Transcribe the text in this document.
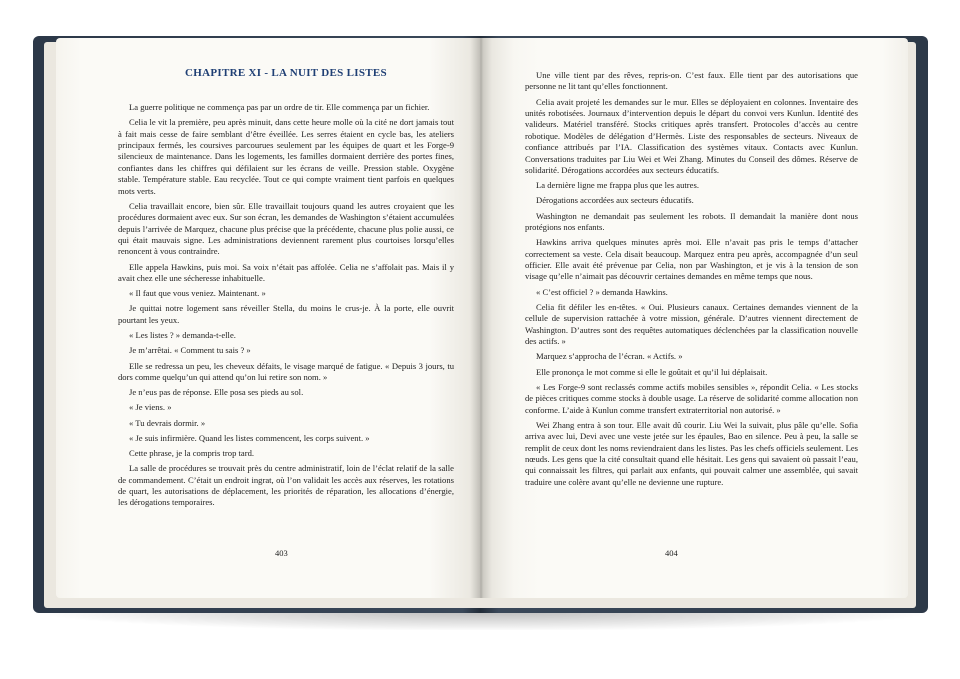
CHAPITRE XI - LA NUIT DES LISTES

La guerre politique ne commença pas par un ordre de tir. Elle commença par un fichier.

Celia le vit la première, peu après minuit, dans cette heure molle où la cité ne dort jamais tout à fait mais cesse de faire semblant d’être éveillée. Les serres étaient en cycle bas, les ateliers principaux fermés, les coursives parcourues seulement par les équipes de quart et les Forge-9 silencieux de maintenance. Dans les logements, les familles dormaient derrière des portes fines, confiantes dans les chiffres qui défilaient sur les écrans de veille. Pression stable. Oxygène stable. Température stable. Eau recyclée. Tout ce qui compte vraiment tient parfois en quelques mots verts.

Celia travaillait encore, bien sûr. Elle travaillait toujours quand les autres croyaient que les procédures dormaient avec eux. Sur son écran, les demandes de Washington s’étaient accumulées depuis l’arrivée de Marquez, chacune plus précise que la précédente, chacune plus polie aussi, ce qui était mauvais signe. Les administrations deviennent rarement plus courtoises lorsqu’elles renoncent à vous contraindre.

Elle appela Hawkins, puis moi. Sa voix n’était pas affolée. Celia ne s’affolait pas. Mais il y avait chez elle une sécheresse inhabituelle.

« Il faut que vous veniez. Maintenant. »

Je quittai notre logement sans réveiller Stella, du moins le crus-je. À la porte, elle ouvrit pourtant les yeux.

« Les listes ? » demanda-t-elle.

Je m’arrêtai. « Comment tu sais ? »

Elle se redressa un peu, les cheveux défaits, le visage marqué de fatigue. « Depuis 3 jours, tu dors comme quelqu’un qui attend qu’on lui retire son nom. »

Je n’eus pas de réponse. Elle posa ses pieds au sol.

« Je viens. »

« Tu devrais dormir. »

« Je suis infirmière. Quand les listes commencent, les corps suivent. »

Cette phrase, je la compris trop tard.

La salle de procédures se trouvait près du centre administratif, loin de l’éclat relatif de la salle de commandement. C’était un endroit ingrat, où l’on validait les accès aux réserves, les rotations de quart, les autorisations de déplacement, les priorités de réparation, les allocations d’énergie, les dérogations temporaires.

403

Une ville tient par des rêves, repris-on. C’est faux. Elle tient par des autorisations que personne ne lit tant qu’elles fonctionnent.

Celia avait projeté les demandes sur le mur. Elles se déployaient en colonnes. Inventaire des unités robotisées. Journaux d’intervention depuis le départ du convoi vers Kunlun. Identité des valideurs. Matériel transféré. Stocks critiques après transfert. Protocoles d’accès au centre robotique. Modèles de délégation d’Hermès. Liste des responsables de secteurs. Niveaux de confiance attribués par l’IA. Classification des systèmes vitaux. Contacts avec Kunlun. Conversations traduites par Liu Wei et Wei Zhang. Minutes du Conseil des dômes. Réserve de solidarité. Dérogations accordées aux secteurs éducatifs.

La dernière ligne me frappa plus que les autres.

Dérogations accordées aux secteurs éducatifs.

Washington ne demandait pas seulement les robots. Il demandait la manière dont nous protégions nos enfants.

Hawkins arriva quelques minutes après moi. Elle n’avait pas pris le temps d’attacher correctement sa veste. Cela disait beaucoup. Marquez entra peu après, accompagnée d’un seul officier. Elle avait été prévenue par Celia, non par Washington, et je vis à la tension de son visage qu’elle n’aimait pas découvrir certaines demandes en même temps que nous.

« C’est officiel ? » demanda Hawkins.

Celia fit défiler les en-têtes. « Oui. Plusieurs canaux. Certaines demandes viennent de la cellule de supervision rattachée à votre mission, générale. D’autres viennent directement de Washington. D’autres sont des requêtes automatiques déclenchées par la classification nouvelle des actifs. »

Marquez s’approcha de l’écran. « Actifs. »

Elle prononça le mot comme si elle le goûtait et qu’il lui déplaisait.

« Les Forge-9 sont reclassés comme actifs mobiles sensibles », répondit Celia. « Les stocks de pièces critiques comme stocks à double usage. La réserve de solidarité comme allocation non conforme. L’aide à Kunlun comme transfert extraterritorial non autorisé. »

Wei Zhang entra à son tour. Elle avait dû courir. Liu Wei la suivait, plus pâle qu’elle. Sofia arriva avec lui, Devi avec une veste jetée sur les épaules, Bao en silence. Peu à peu, la salle se remplit de ceux dont les noms reviendraient dans les listes. Pas les chefs officiels seulement. Les nœuds. Les gens que la cité consultait quand elle hésitait. Les gens qui savaient où passait l’eau, qui connaissait les filtres, qui parlait aux enfants, qui pouvait calmer une assemblée, qui savait traduire une colère avant qu’elle ne devienne une rupture.

404
